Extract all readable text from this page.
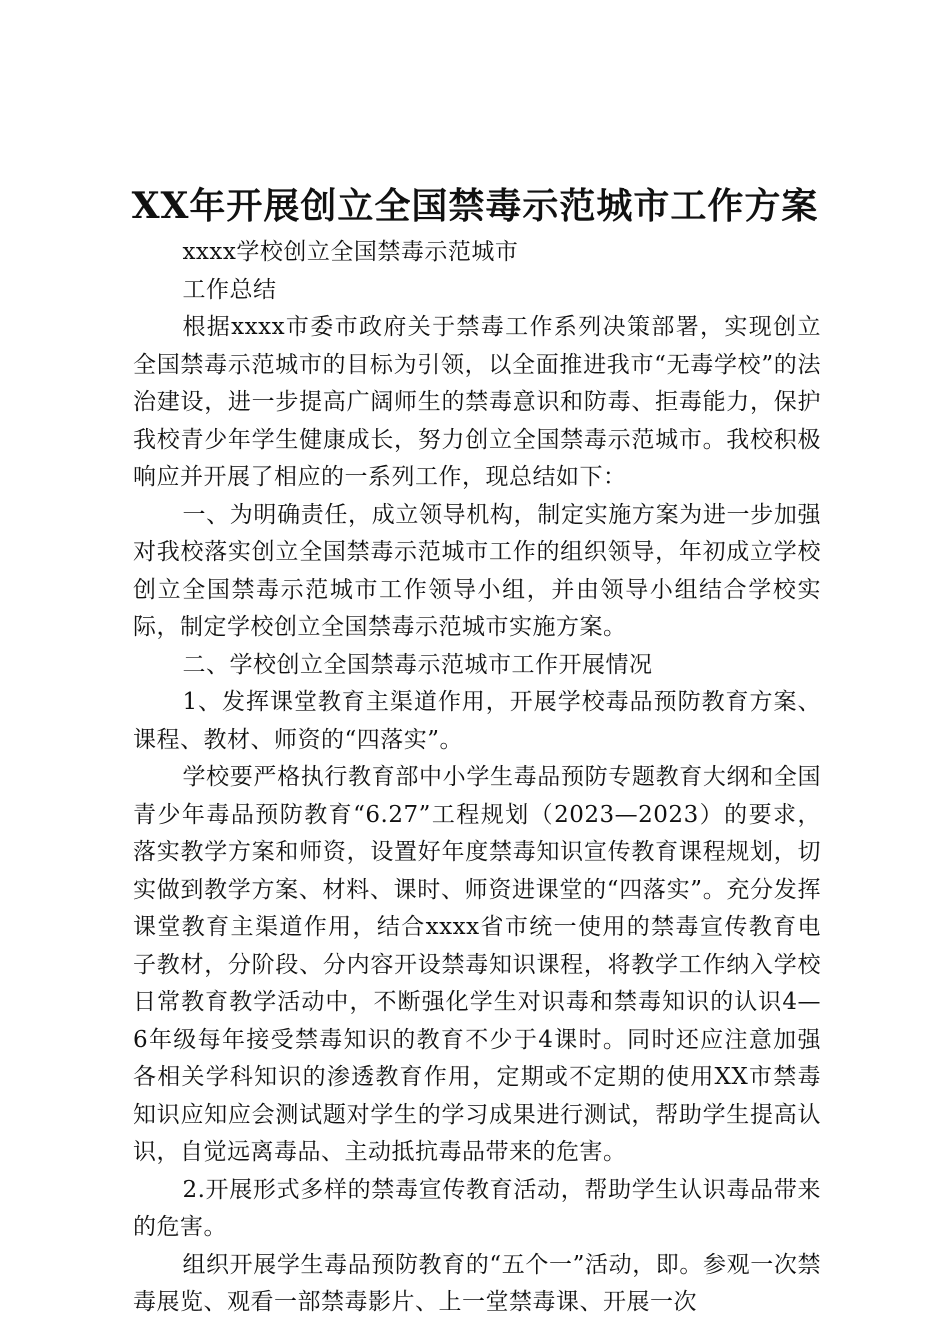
XX年开展创立全国禁毒示范城市工作方案

xxxx学校创立全国禁毒示范城市

工作总结

根据xxxx市委市政府关于禁毒工作系列决策部署，实现创立全国禁毒示范城市的目标为引领，以全面推进我市“无毒学校”的法治建设，进一步提高广阔师生的禁毒意识和防毒、拒毒能力，保护我校青少年学生健康成长，努力创立全国禁毒示范城市。我校积极响应并开展了相应的一系列工作，现总结如下：

一、为明确责任，成立领导机构，制定实施方案为进一步加强对我校落实创立全国禁毒示范城市工作的组织领导，年初成立学校创立全国禁毒示范城市工作领导小组，并由领导小组结合学校实际，制定学校创立全国禁毒示范城市实施方案。

二、学校创立全国禁毒示范城市工作开展情况

1、发挥课堂教育主渠道作用，开展学校毒品预防教育方案、课程、教材、师资的“四落实”。

学校要严格执行教育部中小学生毒品预防专题教育大纲和全国青少年毒品预防教育“6.27”工程规划（2023—2023）的要求，落实教学方案和师资，设置好年度禁毒知识宣传教育课程规划，切实做到教学方案、材料、课时、师资进课堂的“四落实”。充分发挥课堂教育主渠道作用，结合xxxx省市统一使用的禁毒宣传教育电子教材，分阶段、分内容开设禁毒知识课程，将教学工作纳入学校日常教育教学活动中，不断强化学生对识毒和禁毒知识的认识4—6年级每年接受禁毒知识的教育不少于4课时。同时还应注意加强各相关学科知识的渗透教育作用，定期或不定期的使用XX市禁毒知识应知应会测试题对学生的学习成果进行测试，帮助学生提高认识，自觉远离毒品、主动抵抗毒品带来的危害。

2.开展形式多样的禁毒宣传教育活动，帮助学生认识毒品带来的危害。

组织开展学生毒品预防教育的“五个一”活动，即。参观一次禁毒展览、观看一部禁毒影片、上一堂禁毒课、开展一次
